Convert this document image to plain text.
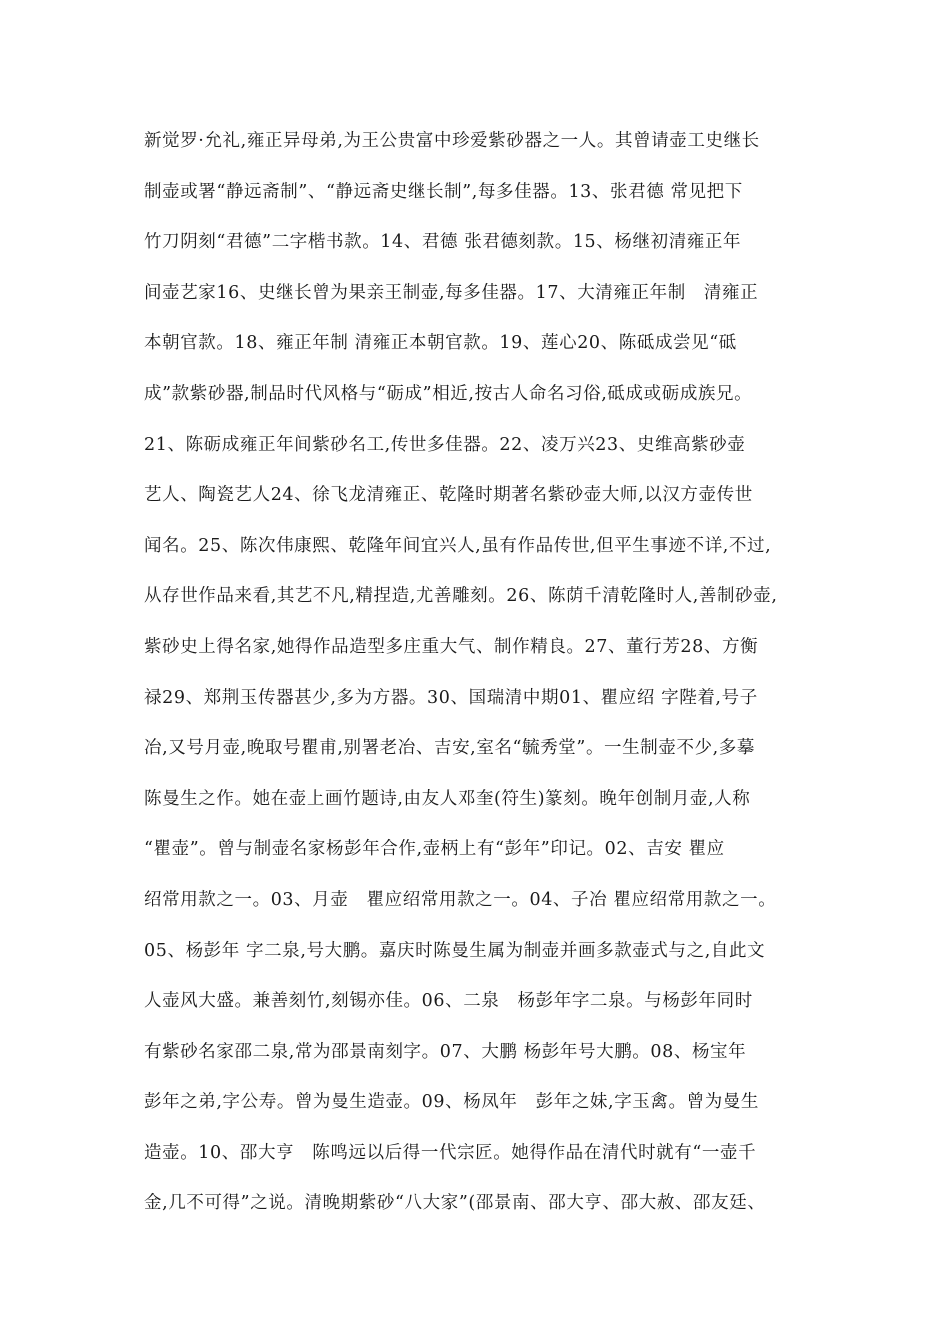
新觉罗·允礼,雍正异母弟,为王公贵富中珍爱紫砂器之一人。其曾请壶工史继长
制壶或署“静远斋制”、“静远斋史继长制”,每多佳器。13、张君德 常见把下
竹刀阴刻“君德”二字楷书款。14、君德 张君德刻款。15、杨继初清雍正年
间壶艺家16、史继长曾为果亲王制壶,每多佳器。17、大清雍正年制　清雍正
本朝官款。18、雍正年制 清雍正本朝官款。19、莲心20、陈砥成尝见“砥
成”款紫砂器,制品时代风格与“砺成”相近,按古人命名习俗,砥成或砺成族兄。
21、陈砺成雍正年间紫砂名工,传世多佳器。22、凌万兴23、史维高紫砂壶
艺人、陶瓷艺人24、徐飞龙清雍正、乾隆时期著名紫砂壶大师,以汉方壶传世
闻名。25、陈次伟康熙、乾隆年间宜兴人,虽有作品传世,但平生事迹不详,不过,
从存世作品来看,其艺不凡,精捏造,尤善雕刻。26、陈荫千清乾隆时人,善制砂壶,
紫砂史上得名家,她得作品造型多庄重大气、制作精良。27、董行芳28、方衡
禄29、郑荆玉传器甚少,多为方器。30、国瑞清中期01、瞿应绍 字陛着,号子
冶,又号月壶,晚取号瞿甫,别署老冶、吉安,室名“毓秀堂”。一生制壶不少,多摹
陈曼生之作。她在壶上画竹题诗,由友人邓奎(符生)篆刻。晚年创制月壶,人称
“瞿壶”。曾与制壶名家杨彭年合作,壶柄上有“彭年”印记。02、吉安 瞿应
绍常用款之一。03、月壶　瞿应绍常用款之一。04、子冶 瞿应绍常用款之一。
05、杨彭年 字二泉,号大鹏。嘉庆时陈曼生属为制壶并画多款壶式与之,自此文
人壶风大盛。兼善刻竹,刻锡亦佳。06、二泉　杨彭年字二泉。与杨彭年同时
有紫砂名家邵二泉,常为邵景南刻字。07、大鹏 杨彭年号大鹏。08、杨宝年
彭年之弟,字公寿。曾为曼生造壶。09、杨凤年　彭年之妹,字玉禽。曾为曼生
造壶。10、邵大亨　陈鸣远以后得一代宗匠。她得作品在清代时就有“一壶千
金,几不可得”之说。清晚期紫砂“八大家”(邵景南、邵大亨、邵大赦、邵友廷、
